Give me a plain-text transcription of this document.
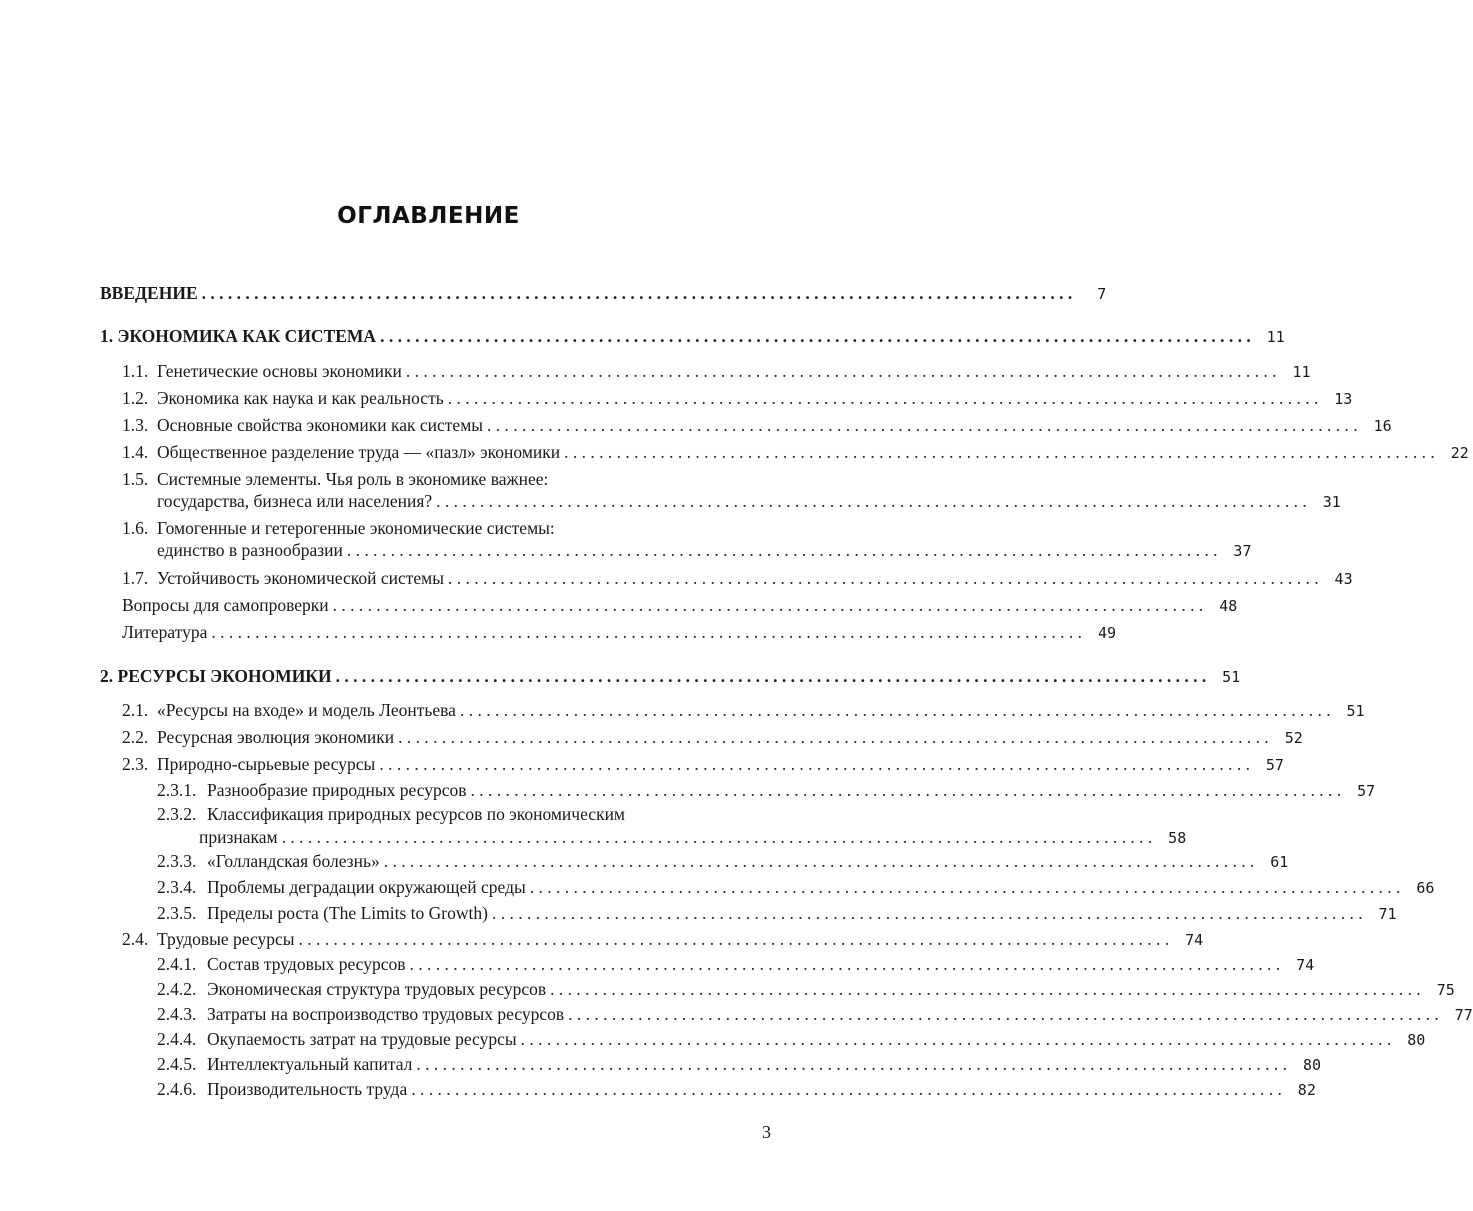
ОГЛАВЛЕНИЕ
ВВЕДЕНИЕ . . .	7
1. ЭКОНОМИКА КАК СИСТЕМА . . .	11
1.1. Генетические основы экономики . . .	11
1.2. Экономика как наука и как реальность . . .	13
1.3. Основные свойства экономики как системы . . .	16
1.4. Общественное разделение труда — «пазл» экономики . . .	22
1.5. Системные элементы. Чья роль в экономике важнее:
государства, бизнеса или населения? . . .	31
1.6. Гомогенные и гетерогенные экономические системы:
единство в разнообразии . . .	37
1.7. Устойчивость экономической системы . . .	43
Вопросы для самопроверки . . .	48
Литература . . .	49
2. РЕСУРСЫ ЭКОНОМИКИ . . .	51
2.1. «Ресурсы на входе» и модель Леонтьева . . .	51
2.2. Ресурсная эволюция экономики . . .	52
2.3. Природно-сырьевые ресурсы . . .	57
2.3.1. Разнообразие природных ресурсов . . .	57
2.3.2. Классификация природных ресурсов по экономическим
признакам . . .	58
2.3.3. «Голландская болезнь» . . .	61
2.3.4. Проблемы деградации окружающей среды . . .	66
2.3.5. Пределы роста (The Limits to Growth) . . .	71
2.4. Трудовые ресурсы . . .	74
2.4.1. Состав трудовых ресурсов . . .	74
2.4.2. Экономическая структура трудовых ресурсов . . .	75
2.4.3. Затраты на воспроизводство трудовых ресурсов . . .	77
2.4.4. Окупаемость затрат на трудовые ресурсы . . .	80
2.4.5. Интеллектуальный капитал . . .	80
2.4.6. Производительность труда . . .	82
3
